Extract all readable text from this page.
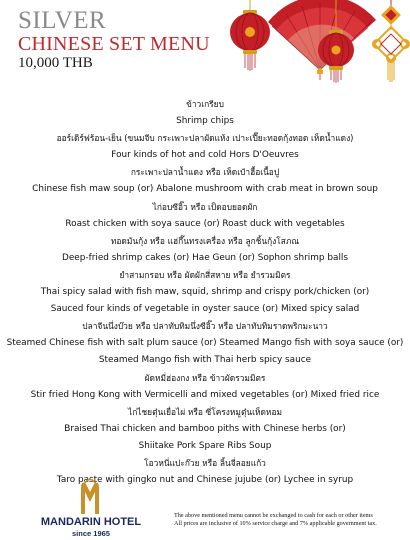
SILVER
CHINESE SET MENU
10,000 THB
ข้าวเกรียบ
Shrimp chips
ออร์เดิร์ฟร้อน-เย็น (ขนมจีบ กระเพาะปลาผัดแห้ง เปาะเปี๊ยะทอดกุ้งทอด เห็ดน้ำแดง)
Four kinds of hot and cold Hors D'Oeuvres
กระเพาะปลาน้ำแดง หรือ เห็ดเป๋าฮื้อเนื้อปู
Chinese fish maw soup (or) Abalone mushroom with crab meat in brown soup
ไก่อบซีอิ๊ว หรือ เป็ดอบยอดผัก
Roast chicken with soya sauce (or) Roast duck with vegetables
ทอดมันกุ้ง หรือ แฮ่กึ๊นทรงเครื่อง หรือ ลูกชิ้นกุ้งโสภณ
Deep-fried shrimp cakes (or) Hae Geun (or) Sophon shrimp balls
ยำสามกรอบ หรือ ผัดผักสี่สหาย หรือ ยำรวมมิตร
Thai spicy salad with fish maw, squid, shrimp and crispy pork/chicken (or)
Sauced four kinds of vegetable in oyster sauce (or) Mixed spicy salad
ปลาจีนนึ่งบ๊วย หรือ ปลาทับทิมนึ่งซีอิ๊ว หรือ ปลาทับทิมราดพริกมะนาว
Steamed Chinese fish with salt plum sauce (or) Steamed Mango fish with soya sauce (or)
Steamed Mango fish with Thai herb spicy sauce
ผัดหมี่ฮ่องกง หรือ ข้าวผัดรวมมิตร
Stir fried Hong Kong with Vermicelli and mixed vegetables (or) Mixed fried rice
ไก่ไชยตุ๋นเยื่อไผ่ หรือ ซี่โครงหมูตุ๋นเห็ดหอม
Braised Thai chicken and bamboo piths with Chinese herbs (or)
Shiitake Pork Spare Ribs Soup
โอวหนี่แปะก๊วย หรือ ลิ้นจี่ลอยแก้ว
Taro paste with gingko nut and Chinese jujube (or) Lychee in syrup
MANDARIN HOTEL
since 1965
The above mentioned menu cannot be exchanged to cash for each or other items
All prices are inclusive of 10% service charge and 7% applicable government tax.
